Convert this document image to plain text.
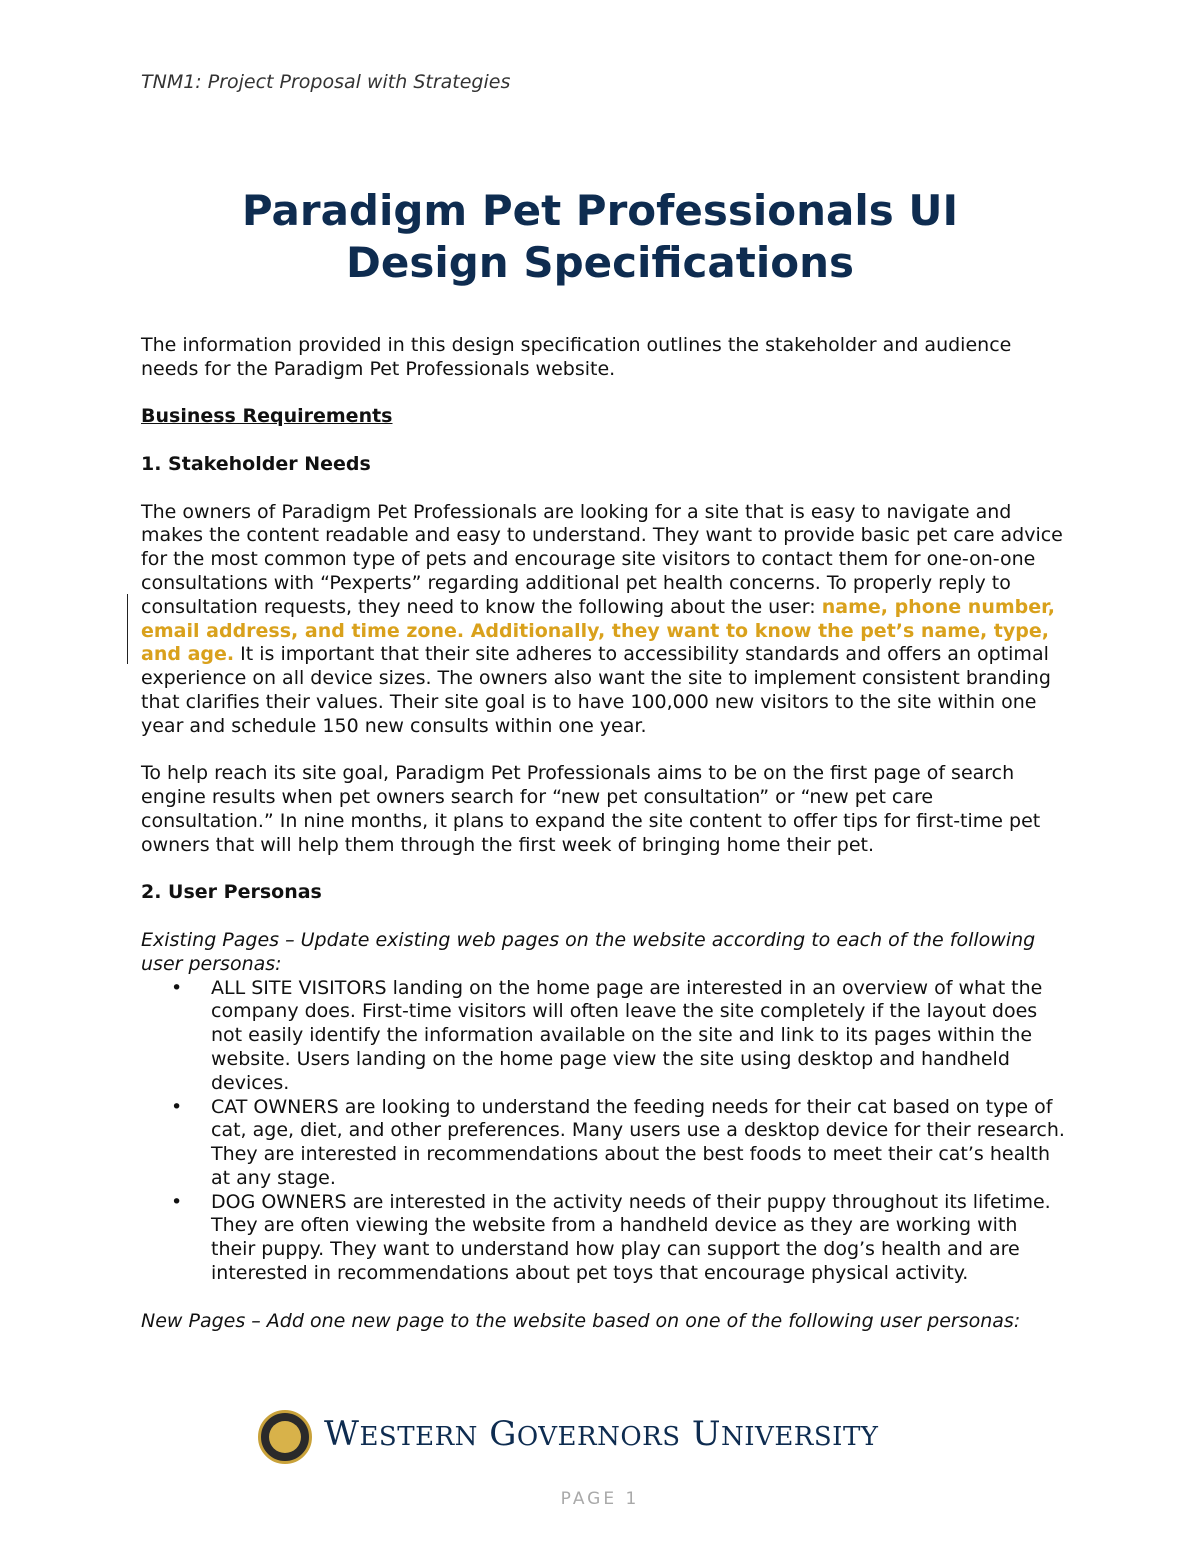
TNM1: Project Proposal with Strategies
Paradigm Pet Professionals UI
Design Specifications

The information provided in this design specification outlines the stakeholder and audience needs for the Paradigm Pet Professionals website.

Business Requirements

1. Stakeholder Needs

The owners of Paradigm Pet Professionals are looking for a site that is easy to navigate and makes the content readable and easy to understand. They want to provide basic pet care advice for the most common type of pets and encourage site visitors to contact them for one-on-one consultations with “Pexperts” regarding additional pet health concerns. To properly reply to consultation requests, they need to know the following about the user: name, phone number, email address, and time zone. Additionally, they want to know the pet’s name, type, and age. It is important that their site adheres to accessibility standards and offers an optimal experience on all device sizes. The owners also want the site to implement consistent branding that clarifies their values. Their site goal is to have 100,000 new visitors to the site within one year and schedule 150 new consults within one year.

To help reach its site goal, Paradigm Pet Professionals aims to be on the first page of search engine results when pet owners search for “new pet consultation” or “new pet care consultation.” In nine months, it plans to expand the site content to offer tips for first-time pet owners that will help them through the first week of bringing home their pet.

2. User Personas

Existing Pages – Update existing web pages on the website according to each of the following user personas:

• ALL SITE VISITORS landing on the home page are interested in an overview of what the company does. First-time visitors will often leave the site completely if the layout does not easily identify the information available on the site and link to its pages within the website. Users landing on the home page view the site using desktop and handheld devices.
• CAT OWNERS are looking to understand the feeding needs for their cat based on type of cat, age, diet, and other preferences. Many users use a desktop device for their research. They are interested in recommendations about the best foods to meet their cat’s health at any stage.
• DOG OWNERS are interested in the activity needs of their puppy throughout its lifetime. They are often viewing the website from a handheld device as they are working with their puppy. They want to understand how play can support the dog’s health and are interested in recommendations about pet toys that encourage physical activity.

New Pages – Add one new page to the website based on one of the following user personas:

WESTERN GOVERNORS UNIVERSITY
PAGE 1
